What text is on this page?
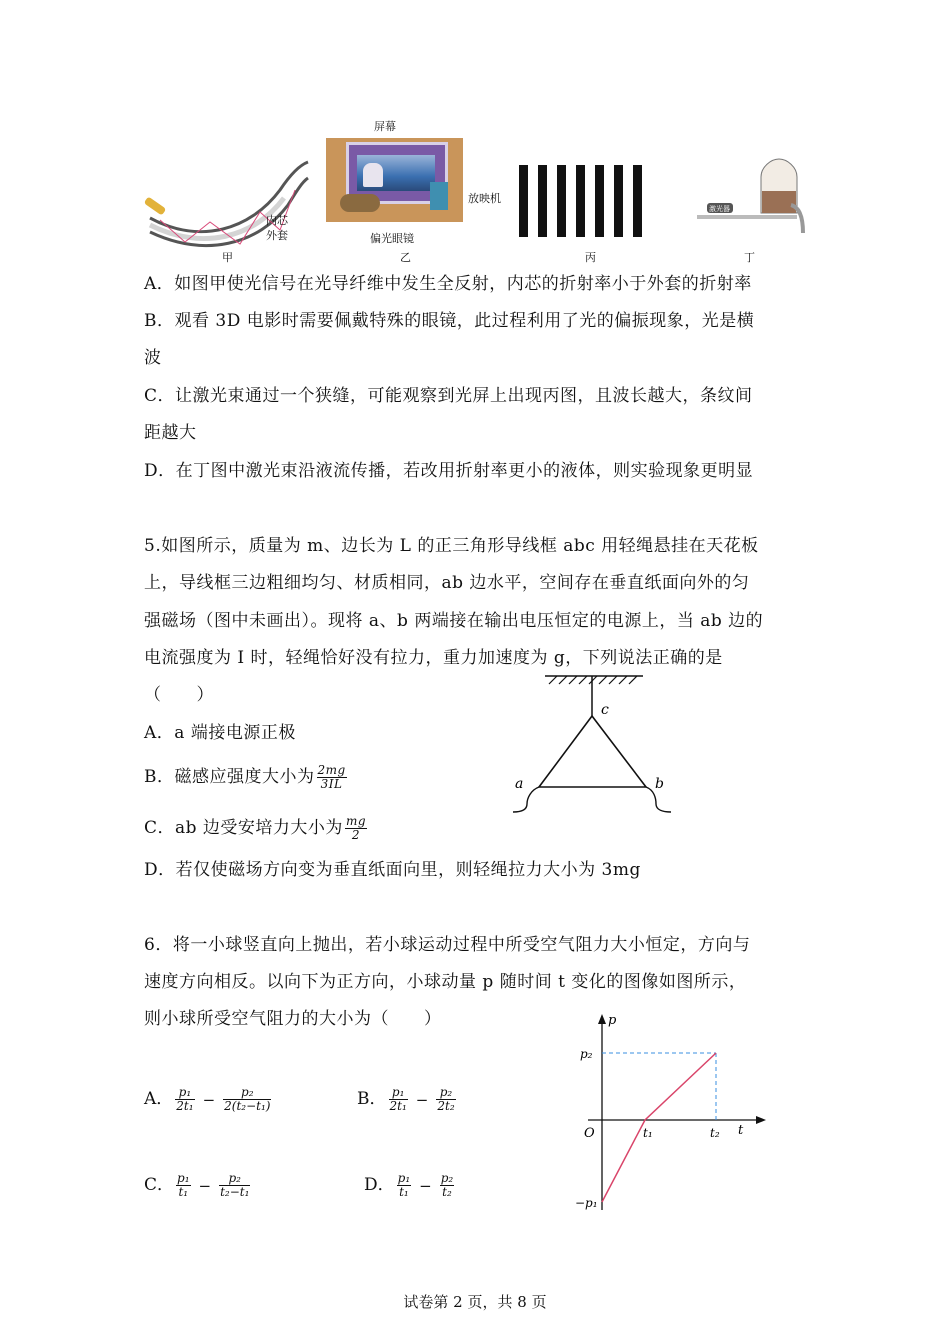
内芯
外套
甲
屏幕
放映机
偏光眼镜
乙	丙
激光器
丁
A．如图甲使光信号在光导纤维中发生全反射，内芯的折射率小于外套的折射率
B．观看 3D 电影时需要佩戴特殊的眼镜，此过程利用了光的偏振现象，光是横
波
C．让激光束通过一个狭缝，可能观察到光屏上出现丙图，且波长越大，条纹间
距越大
D．在丁图中激光束沿液流传播，若改用折射率更小的液体，则实验现象更明显
5.如图所示，质量为 m、边长为 L 的正三角形导线框 abc 用轻绳悬挂在天花板
上，导线框三边粗细均匀、材质相同，ab 边水平，空间存在垂直纸面向外的匀
强磁场（图中未画出）。现将 a、b 两端接在输出电压恒定的电源上，当 ab 边的
电流强度为 I 时，轻绳恰好没有拉力，重力加速度为 g，下列说法正确的是
（　　）
A．a 端接电源正极
B．磁感应强度大小为 $\frac{2mg}{3IL}$
C．ab 边受安培力大小为 $\frac{mg}{2}$
D．若仅使磁场方向变为垂直纸面向里，则轻绳拉力大小为 3mg
c
a	b
6．将一小球竖直向上抛出，若小球运动过程中所受空气阻力大小恒定，方向与
速度方向相反。以向下为正方向，小球动量 p 随时间 t 变化的图像如图所示，
则小球所受空气阻力的大小为（　　）
A． $\frac{\text{p₁}}{\text{2t₁}} - \frac{\text{p₂}}{\text{2(t₂−t₁)}}$	B． $\frac{\text{p₁}}{\text{2t₁}} - \frac{\text{p₂}}{\text{2t₂}}$
C． $\frac{\text{p₁}}{\text{t₁}} - \frac{\text{p₂}}{\text{t₂−t₁}}$	D． $\frac{\text{p₁}}{\text{t₁}} - \frac{\text{p₂}}{\text{t₂}}$
p
t
O
p₂
−p₁
t₁	t₂
试卷第 2 页，共 8 页
